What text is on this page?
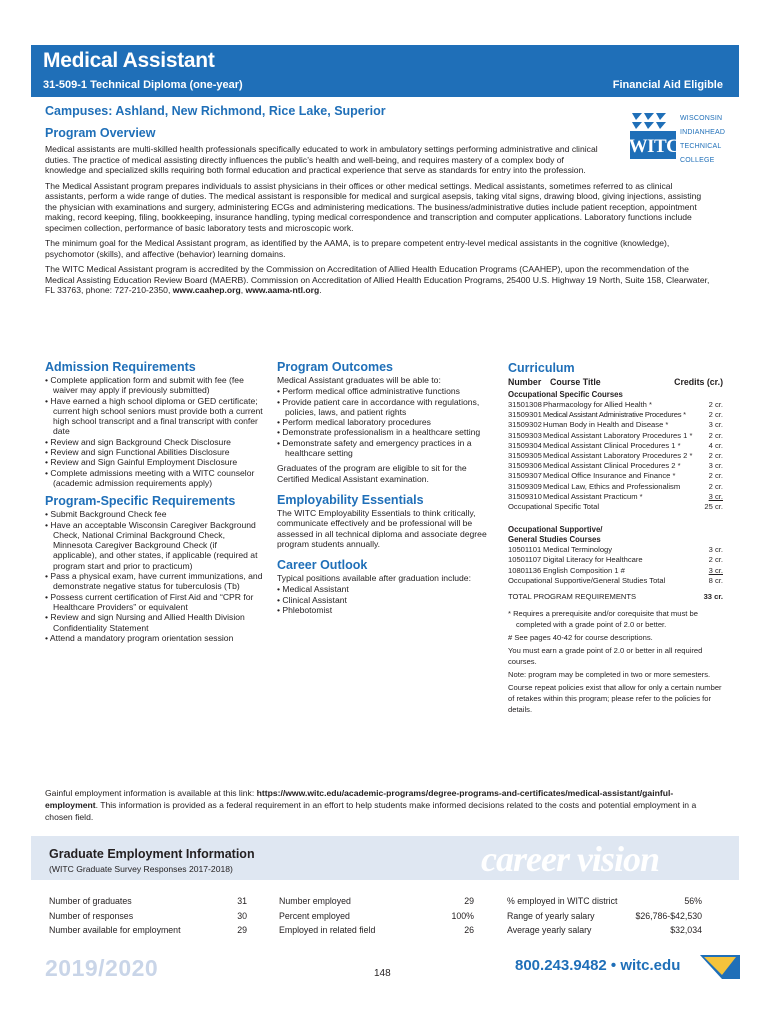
Medical Assistant
31-509-1 Technical Diploma (one-year)	Financial Aid Eligible
Campuses: Ashland, New Richmond, Rice Lake, Superior
WITC
WISCONSIN
INDIANHEAD
TECHNICAL
COLLEGE
Program Overview

Medical assistants are multi-skilled health professionals specifically educated to work in ambulatory settings performing administrative and clinical duties. The practice of medical assisting directly influences the public’s health and well-being, and requires mastery of a complex body of knowledge and specialized skills requiring both formal education and practical experience that serve as standards for entry into the profession.

The Medical Assistant program prepares individuals to assist physicians in their offices or other medical settings. Medical assistants, sometimes referred to as clinical assistants, perform a wide range of duties. The medical assistant is responsible for medical and surgical asepsis, taking vital signs, drawing blood, giving injections, assisting the physician with examinations and surgery, administering ECGs and administering medications. The business/administrative duties include patient reception, appointment making, record keeping, filing, bookkeeping, insurance handling, typing medical correspondence and transcription and computer applications. Laboratory functions include specimen collection, performance of basic laboratory tests and microscopic work.

The minimum goal for the Medical Assistant program, as identified by the AAMA, is to prepare competent entry-level medical assistants in the cognitive (knowledge), psychomotor (skills), and affective (behavior) learning domains.

The WITC Medical Assistant program is accredited by the Commission on Accreditation of Allied Health Education Programs (CAAHEP), upon the recommendation of the Medical Assisting Education Review Board (MAERB). Commission on Accreditation of Allied Health Education Programs, 25400 U.S. Highway 19 North, Suite 158, Clearwater, FL 33763, phone: 727-210-2350, www.caahep.org, www.aama-ntl.org.

Admission Requirements
• Complete application form and submit with fee (fee waiver may apply if previously submitted)
• Have earned a high school diploma or GED certificate; current high school seniors must provide both a current high school transcript and a final transcript with confer date
• Review and sign Background Check Disclosure
• Review and sign Functional Abilities Disclosure
• Review and Sign Gainful Employment Disclosure
• Complete admissions meeting with a WITC counselor (academic admission requirements apply)
Program-Specific Requirements
• Submit Background Check fee
• Have an acceptable Wisconsin Caregiver Background Check, National Criminal Background Check, Minnesota Caregiver Background Check (if applicable), and other states, if applicable (required at program start and prior to practicum)
• Pass a physical exam, have current immunizations, and demonstrate negative status for tuberculosis (Tb)
• Possess current certification of First Aid and “CPR for Healthcare Providers” or equivalent
• Review and sign Nursing and Allied Health Division Confidentiality Statement
• Attend a mandatory program orientation session
Program Outcomes

Medical Assistant graduates will be able to:

• Perform medical office administrative functions
• Provide patient care in accordance with regulations, policies, laws, and patient rights
• Perform medical laboratory procedures
• Demonstrate professionalism in a healthcare setting
• Demonstrate safety and emergency practices in a healthcare setting

Graduates of the program are eligible to sit for the Certified Medical Assistant examination.

Employability Essentials

The WITC Employability Essentials to think critically, communicate effectively and be professional will be assessed in all technical diploma and associate degree program students annually.

Career Outlook

Typical positions available after graduation include:

• Medical Assistant
• Clinical Assistant
• Phlebotomist
Curriculum
Number Course Title	Credits (cr.)
Occupational Specific Courses
31501308 Pharmacology for Allied Health *	2 cr.
31509301 Medical Assistant Administrative Procedures *	2 cr.
31509302 Human Body in Health and Disease *	3 cr.
31509303 Medical Assistant Laboratory Procedures 1 *	2 cr.
31509304 Medical Assistant Clinical Procedures 1 *	4 cr.
31509305 Medical Assistant Laboratory Procedures 2 *	2 cr.
31509306 Medical Assistant Clinical Procedures 2 *	3 cr.
31509307 Medical Office Insurance and Finance *	2 cr.
31509309 Medical Law, Ethics and Professionalism	2 cr.
31509310 Medical Assistant Practicum *	3 cr.
Occupational Specific Total	25 cr.
Occupational Supportive/
General Studies Courses
10501101 Medical Terminology	3 cr.
10501107 Digital Literacy for Healthcare	2 cr.
10801136 English Composition 1 #	3 cr.
Occupational Supportive/General Studies Total	8 cr.
TOTAL PROGRAM REQUIREMENTS	33 cr.

* Requires a prerequisite and/or corequisite that must be completed with a grade point of 2.0 or better.

# See pages 40-42 for course descriptions.

You must earn a grade point of 2.0 or better in all required courses.

Note: program may be completed in two or more semesters.

Course repeat policies exist that allow for only a certain number of retakes within this program; please refer to the policies for details.

Gainful employment information is available at this link: https://www.witc.edu/academic-programs/degree-programs-and-certificates/medical-assistant/gainful-employment. This information is provided as a federal requirement in an effort to help students make informed decisions related to the costs and potential employment in a chosen field.
Graduate Employment Information
(WITC Graduate Survey Responses 2017-2018)	career vision
Number of graduates	31
Number of responses	30
Number available for employment	29
Number employed	29
Percent employed	100%
Employed in related field	26
% employed in WITC district	56%
Range of yearly salary	$26,786-$42,530
Average yearly salary	$32,034
2019/2020	148	800.243.9482 • witc.edu
